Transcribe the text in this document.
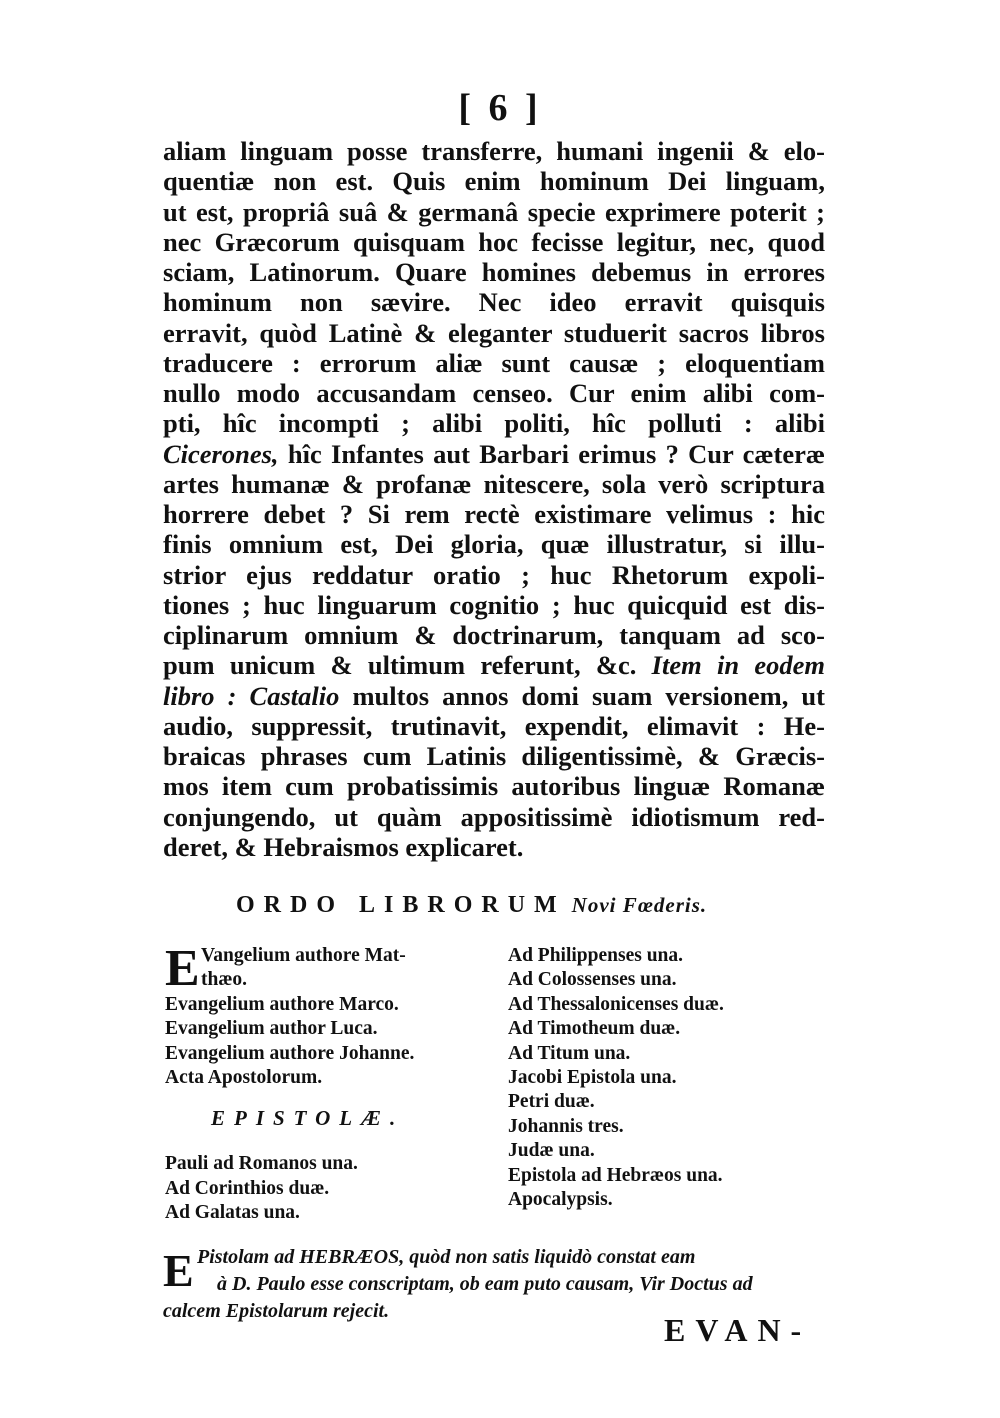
[ 6 ]
aliam linguam posse transferre, humani ingenii & elo-
quentiæ non est. Quis enim hominum Dei linguam,
ut est, propriâ suâ & germanâ specie exprimere poterit ;
nec Græcorum quisquam hoc fecisse legitur, nec, quod
sciam, Latinorum. Quare homines debemus in errores
hominum non sævire. Nec ideo erravit quisquis
erravit, quòd Latinè & eleganter studuerit sacros libros
traducere : errorum aliæ sunt causæ ; eloquentiam
nullo modo accusandam censeo. Cur enim alibi com-
pti, hîc incompti ; alibi politi, hîc polluti : alibi
Cicerones, hîc Infantes aut Barbari erimus ? Cur cæteræ
artes humanæ & profanæ nitescere, sola verò scriptura
horrere debet ? Si rem rectè existimare velimus : hic
finis omnium est, Dei gloria, quæ illustratur, si illu-
strior ejus reddatur oratio ; huc Rhetorum expoli-
tiones ; huc linguarum cognitio ; huc quicquid est dis-
ciplinarum omnium & doctrinarum, tanquam ad sco-
pum unicum & ultimum referunt, &c. Item in eodem
libro : Castalio multos annos domi suam versionem, ut
audio, suppressit, trutinavit, expendit, elimavit : He-
braicas phrases cum Latinis diligentissimè, & Græcis-
mos item cum probatissimis autoribus linguæ Romanæ
conjungendo, ut quàm appositissimè idiotismum red-
deret, & Hebraismos explicaret.
ORDO LIBRORUM Novi Fœderis.
E Vangelium authore Mat-
thæo.
Evangelium authore Marco.
Evangelium author Luca.
Evangelium authore Johanne.
Acta Apostolorum.
EPISTOLÆ.
Pauli ad Romanos una.
Ad Corinthios duæ.
Ad Galatas una.
Ad Philippenses una.
Ad Colossenses una.
Ad Thessalonicenses duæ.
Ad Timotheum duæ.
Ad Titum una.
Jacobi Epistola una.
Petri duæ.
Johannis tres.
Judæ una.
Epistola ad Hebræos una.
Apocalypsis.
E Pistolam ad HEBRÆOS, quòd non satis liquidò constat eam
à D. Paulo esse conscriptam, ob eam puto causam, Vir Doctus ad
calcem Epistolarum rejecit.
EVAN-
